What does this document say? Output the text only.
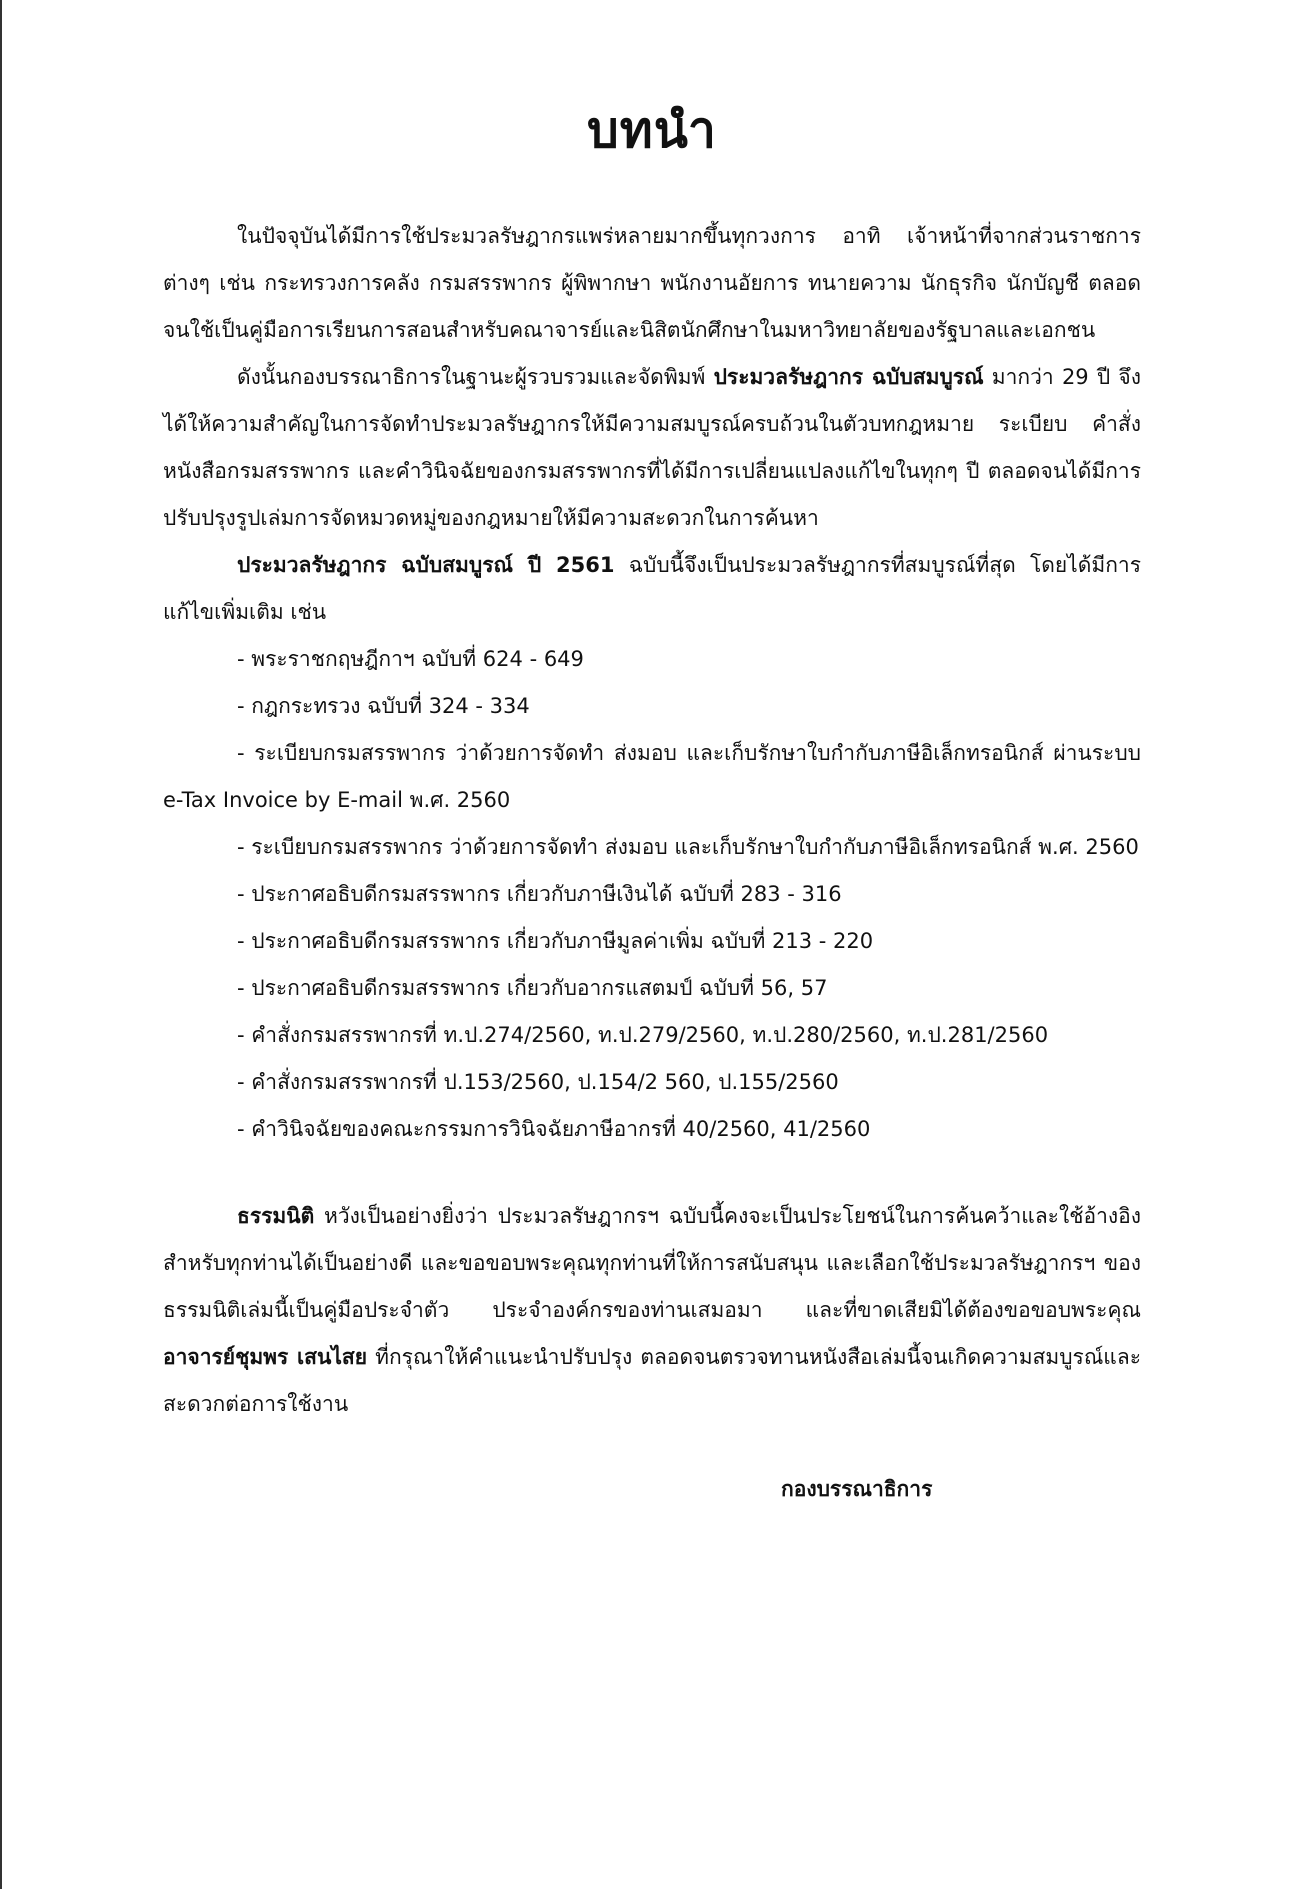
บทนำ

ในปัจจุบันได้มีการใช้ประมวลรัษฎากรแพร่หลายมากขึ้นทุกวงการ อาทิ เจ้าหน้าที่จากส่วนราชการต่างๆ เช่น กระทรวงการคลัง กรมสรรพากร ผู้พิพากษา พนักงานอัยการ ทนายความ นักธุรกิจ นักบัญชี ตลอดจนใช้เป็นคู่มือการเรียนการสอนสำหรับคณาจารย์และนิสิตนักศึกษาในมหาวิทยาลัยของรัฐบาลและเอกชน

ดังนั้นกองบรรณาธิการในฐานะผู้รวบรวมและจัดพิมพ์ ประมวลรัษฎากร ฉบับสมบูรณ์ มากว่า 29 ปี จึงได้ให้ความสำคัญในการจัดทำประมวลรัษฎากรให้มีความสมบูรณ์ครบถ้วนในตัวบทกฎหมาย ระเบียบ คำสั่ง หนังสือกรมสรรพากร และคำวินิจฉัยของกรมสรรพากรที่ได้มีการเปลี่ยนแปลงแก้ไขในทุกๆ ปี ตลอดจนได้มีการปรับปรุงรูปเล่มการจัดหมวดหมู่ของกฎหมายให้มีความสะดวกในการค้นหา

ประมวลรัษฎากร ฉบับสมบูรณ์ ปี 2561 ฉบับนี้จึงเป็นประมวลรัษฎากรที่สมบูรณ์ที่สุด โดยได้มีการแก้ไขเพิ่มเติม เช่น

- พระราชกฤษฎีกาฯ ฉบับที่ 624 - 649
- กฎกระทรวง ฉบับที่ 324 - 334
- ระเบียบกรมสรรพากร ว่าด้วยการจัดทำ ส่งมอบ และเก็บรักษาใบกำกับภาษีอิเล็กทรอนิกส์ ผ่านระบบ e-Tax Invoice by E-mail พ.ศ. 2560
- ระเบียบกรมสรรพากร ว่าด้วยการจัดทำ ส่งมอบ และเก็บรักษาใบกำกับภาษีอิเล็กทรอนิกส์ พ.ศ. 2560
- ประกาศอธิบดีกรมสรรพากร เกี่ยวกับภาษีเงินได้ ฉบับที่ 283 - 316
- ประกาศอธิบดีกรมสรรพากร เกี่ยวกับภาษีมูลค่าเพิ่ม ฉบับที่ 213 - 220
- ประกาศอธิบดีกรมสรรพากร เกี่ยวกับอากรแสตมป์ ฉบับที่ 56, 57
- คำสั่งกรมสรรพากรที่ ท.ป.274/2560, ท.ป.279/2560, ท.ป.280/2560, ท.ป.281/2560
- คำสั่งกรมสรรพากรที่ ป.153/2560, ป.154/2 560, ป.155/2560
- คำวินิจฉัยของคณะกรรมการวินิจฉัยภาษีอากรที่ 40/2560, 41/2560

ธรรมนิติ หวังเป็นอย่างยิ่งว่า ประมวลรัษฎากรฯ ฉบับนี้คงจะเป็นประโยชน์ในการค้นคว้าและใช้อ้างอิงสำหรับทุกท่านได้เป็นอย่างดี และขอขอบพระคุณทุกท่านที่ให้การสนับสนุน และเลือกใช้ประมวลรัษฎากรฯ ของธรรมนิติเล่มนี้เป็นคู่มือประจำตัว ประจำองค์กรของท่านเสมอมา และที่ขาดเสียมิได้ต้องขอขอบพระคุณ อาจารย์ชุมพร เสนไสย ที่กรุณาให้คำแนะนำปรับปรุง ตลอดจนตรวจทานหนังสือเล่มนี้จนเกิดความสมบูรณ์และสะดวกต่อการใช้งาน

กองบรรณาธิการ
